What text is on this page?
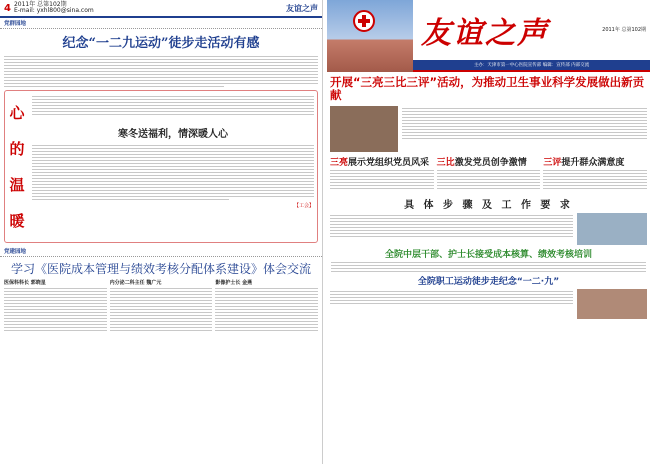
4 2011年 总第102期
E-mail: yxhl800@sina.com	友谊之声
党群园地
纪念“一二九运动”徒步走活动有感
心
的
温
暖
寒冬送福利，情深暖人心
【工会】
党建园地
学习《医院成本管理与绩效考核分配体系建设》体会交流
医保科科长 郭晓星	内分泌二科主任 魏广元	影像护士长 金燕
友谊之声	2011年 总第102期
主办：天津市第一中心医院宣传部 编辑：宣传部 内部交流
开展“三亮三比三评”活动，为推动卫生事业科学发展做出新贡献
三亮展示党组织党员风采 三比激发党员创争激情	三评提升群众满意度
具 体 步 骤 及 工 作 要 求
全院中层干部、护士长接受成本核算、绩效考核培训
全院职工运动徒步走纪念“一二·九”
